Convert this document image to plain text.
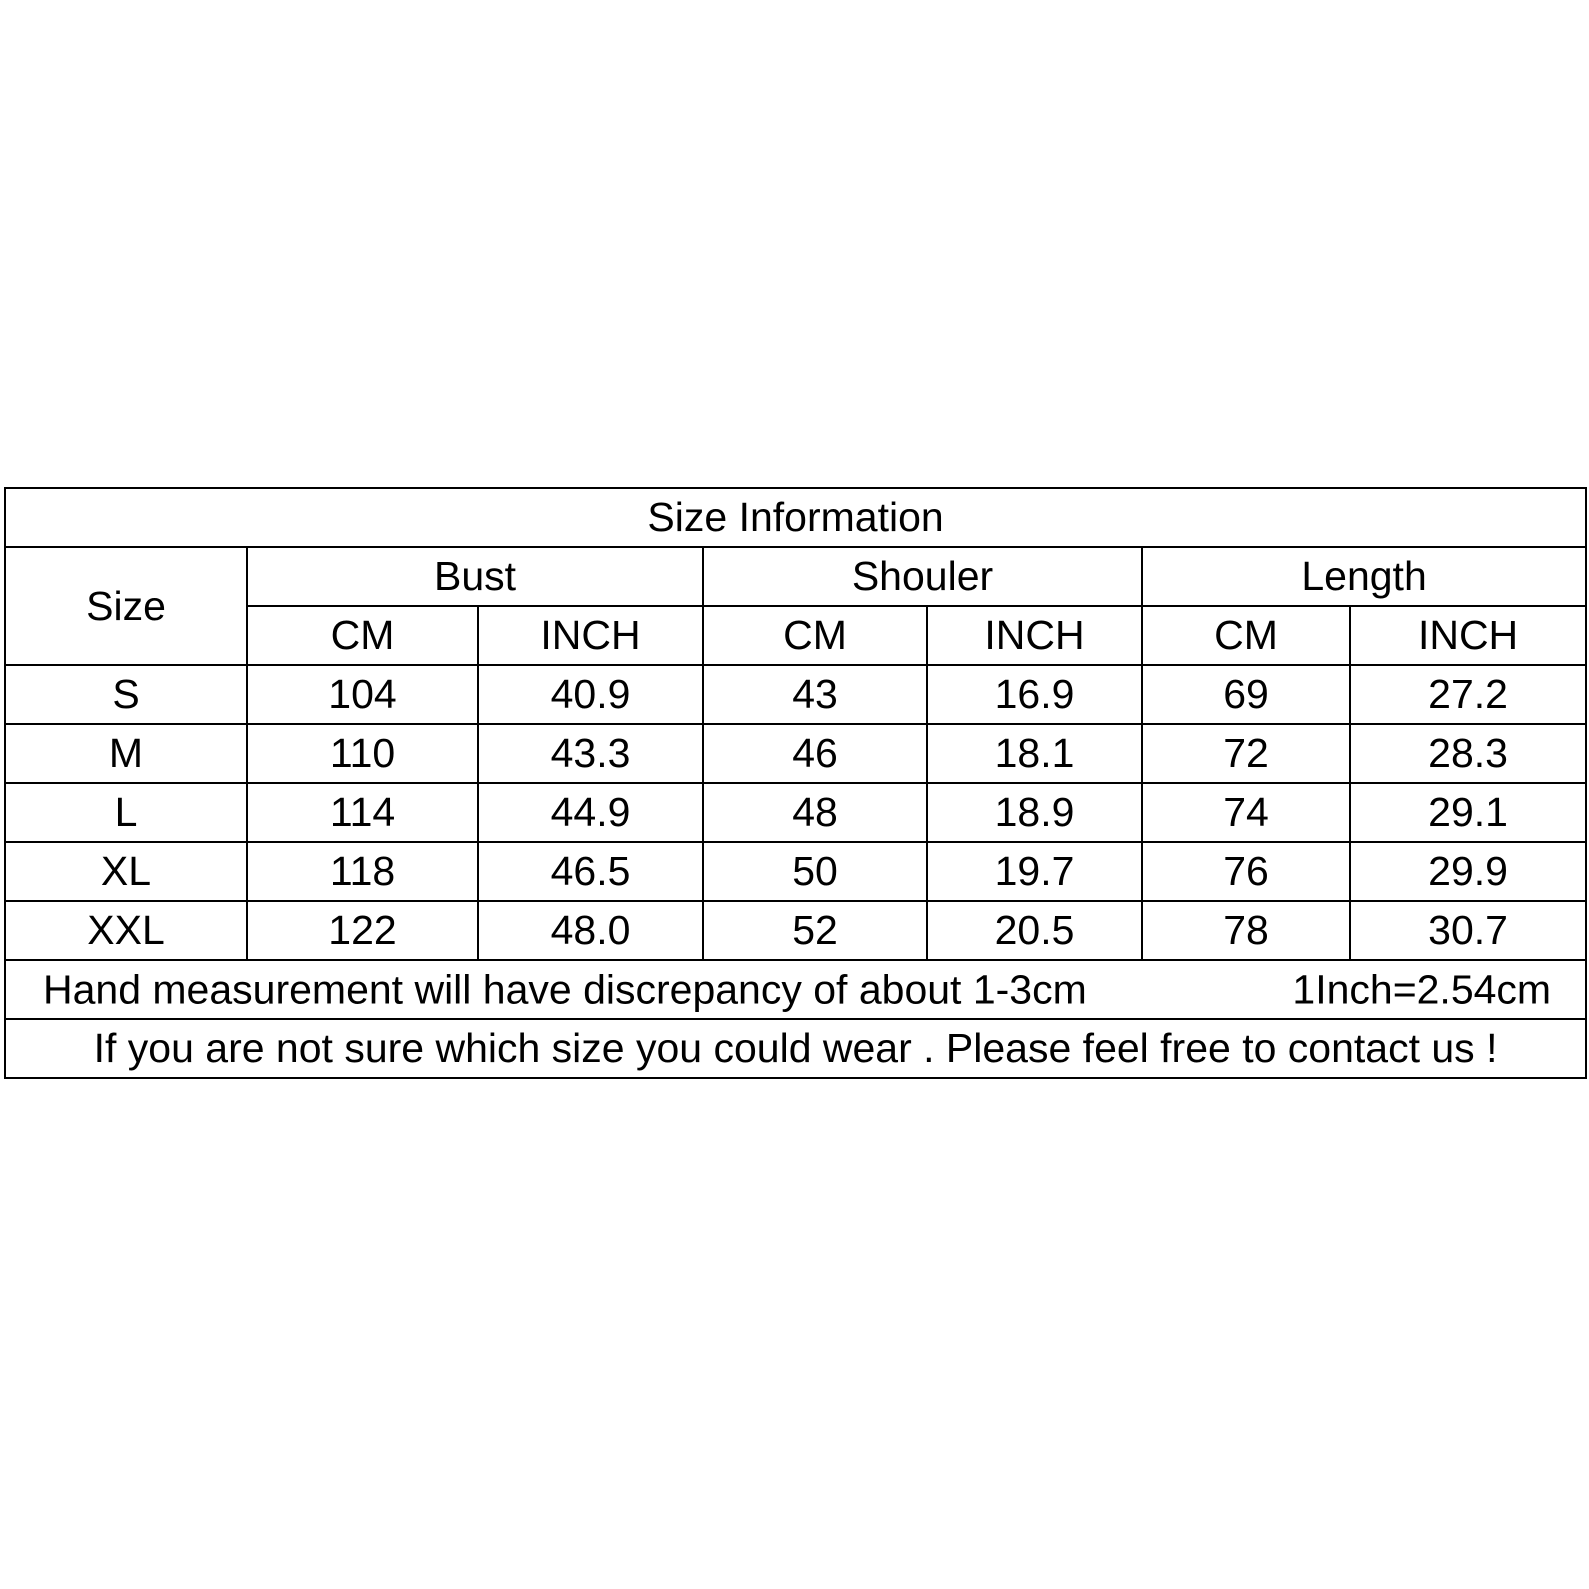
Size Information						
Size	Bust		Shouler		Length	
	CM	INCH	CM	INCH	CM	INCH
S	104	40.9	43	16.9	69	27.2
M	110	43.3	46	18.1	72	28.3
L	114	44.9	48	18.9	74	29.1
XL	118	46.5	50	19.7	76	29.9
XXL	122	48.0	52	20.5	78	30.7

Hand measurement will have discrepancy of about 1-3cm 1Inch=2.54cm						

If you are not sure which size you could wear . Please feel free to contact us !						
